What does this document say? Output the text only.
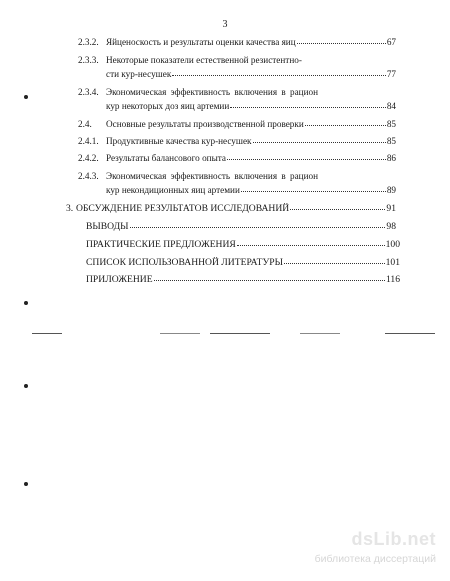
3
2.3.2. Яйценоскость и результаты оценки качества яиц	67
2.3.3. Некоторые показатели естественной резистентно-
сти кур-несушек	77
2.3.4. Экономическая эффективность включения в рацион
кур некоторых доз яиц артемии	84
2.4.	Основные результаты производственной проверки	85
2.4.1. Продуктивные качества кур-несушек	85
2.4.2. Результаты балансового опыта	86
2.4.3. Экономическая эффективность включения в рацион
кур некондиционных яиц артемии	89
3. ОБСУЖДЕНИЕ РЕЗУЛЬТАТОВ ИССЛЕДОВАНИЙ	91
ВЫВОДЫ	98
ПРАКТИЧЕСКИЕ ПРЕДЛОЖЕНИЯ	100
СПИСОК ИСПОЛЬЗОВАННОЙ ЛИТЕРАТУРЫ	101
ПРИЛОЖЕНИЕ	116
dsLib.net
библиотека диссертаций
